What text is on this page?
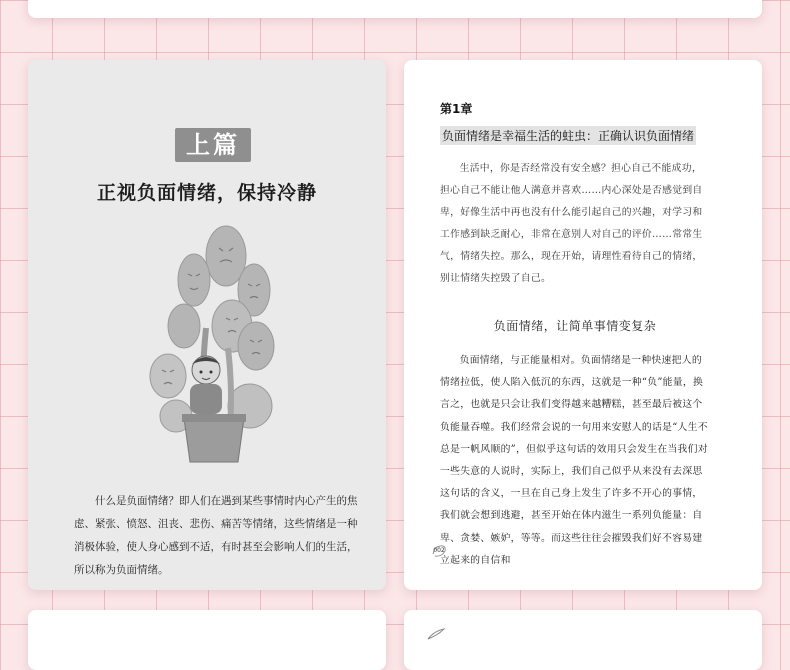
上篇
正视负面情绪，保持冷静

什么是负面情绪？即人们在遇到某些事情时内心产生的焦虑、紧张、愤怒、沮丧、悲伤、痛苦等情绪，这些情绪是一种消极体验，使人身心感到不适，有时甚至会影响人们的生活，所以称为负面情绪。

第1章
负面情绪是幸福生活的蛀虫：正确认识负面情绪

生活中，你是否经常没有安全感？担心自己不能成功，担心自己不能让他人满意并喜欢……内心深处是否感觉到自卑，好像生活中再也没有什么能引起自己的兴趣，对学习和工作感到缺乏耐心，非常在意别人对自己的评价……常常生气，情绪失控。那么，现在开始，请理性看待自己的情绪，别让情绪失控毁了自己。

负面情绪，让简单事情变复杂

负面情绪，与正能量相对。负面情绪是一种快速把人的情绪拉低，使人陷入低沉的东西，这就是一种“负”能量，换言之，也就是只会让我们变得越来越糟糕，甚至最后被这个负能量吞噬。我们经常会说的一句用来安慰人的话是“人生不总是一帆风顺的”，但似乎这句话的效用只会发生在当我们对一些失意的人说时，实际上，我们自己似乎从来没有去深思这句话的含义，一旦在自己身上发生了许多不开心的事情，我们就会想到逃避，甚至开始在体内滋生一系列负能量：自卑、贪婪、嫉妒，等等。而这些往往会摧毁我们好不容易建立起来的自信和

002
